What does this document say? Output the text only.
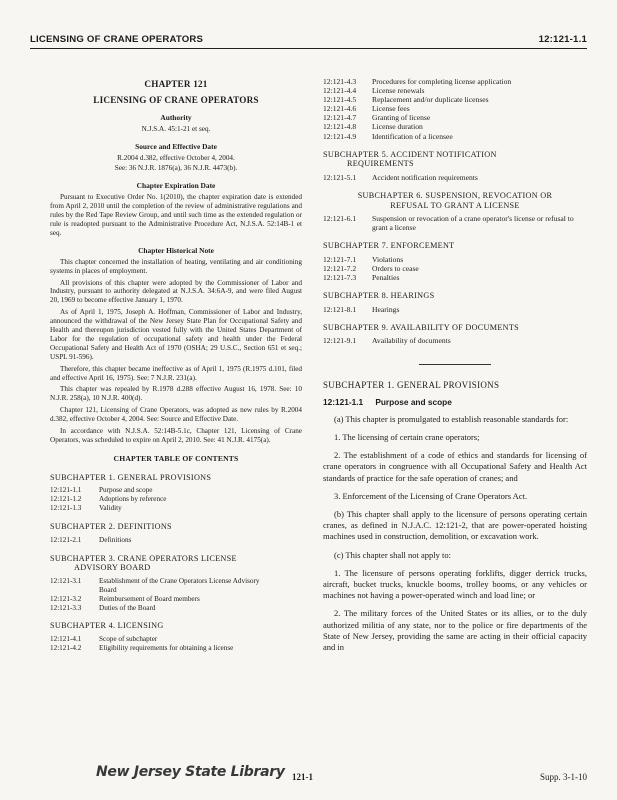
LICENSING OF CRANE OPERATORS	12:121-1.1
CHAPTER 121
LICENSING OF CRANE OPERATORS
Authority
N.J.S.A. 45:1-21 et seq.
Source and Effective Date
R.2004 d.382, effective October 4, 2004.
See: 36 N.J.R. 1876(a), 36 N.J.R. 4473(b).
Chapter Expiration Date

Pursuant to Executive Order No. 1(2010), the chapter expiration date is extended from April 2, 2010 until the completion of the review of administrative regulations and rules by the Red Tape Review Group, and until such time as the extended regulation or rule is readopted pursuant to the Administrative Procedure Act, N.J.S.A. 52:14B-1 et seq.

Chapter Historical Note

This chapter concerned the installation of heating, ventilating and air conditioning systems in places of employment.

All provisions of this chapter were adopted by the Commissioner of Labor and Industry, pursuant to authority delegated at N.J.S.A. 34:6A-9, and were filed August 20, 1969 to become effective January 1, 1970.

As of April 1, 1975, Joseph A. Hoffman, Commissioner of Labor and Industry, announced the withdrawal of the New Jersey State Plan for Occupational Safety and Health and thereupon jurisdiction vested fully with the United States Department of Labor for the regulation of occupational safety and health under the Federal Occupational Safety and Health Act of 1970 (OSHA; 29 U.S.C., Section 651 et seq.; USPL 91-596).

Therefore, this chapter became ineffective as of April 1, 1975 (R.1975 d.101, filed and effective April 16, 1975). See: 7 N.J.R. 231(a).

This chapter was repealed by R.1978 d.288 effective August 16, 1978. See: 10 N.J.R. 258(a), 10 N.J.R. 400(d).

Chapter 121, Licensing of Crane Operators, was adopted as new rules by R.2004 d.382, effective October 4, 2004. See: Source and Effective Date.

In accordance with N.J.S.A. 52:14B-5.1c, Chapter 121, Licensing of Crane Operators, was scheduled to expire on April 2, 2010. See: 41 N.J.R. 4175(a).

CHAPTER TABLE OF CONTENTS
SUBCHAPTER 1. GENERAL PROVISIONS
12:121-1.1	Purpose and scope
12:121-1.2	Adoptions by reference
12:121-1.3	Validity
SUBCHAPTER 2. DEFINITIONS
12:121-2.1	Definitions
SUBCHAPTER 3. CRANE OPERATORS LICENSE
ADVISORY BOARD
12:121-3.1	Establishment of the Crane Operators License Advisory Board
12:121-3.2	Reimbursement of Board members
12:121-3.3	Duties of the Board
SUBCHAPTER 4. LICENSING
12:121-4.1	Scope of subchapter
12:121-4.2	Eligibility requirements for obtaining a license
12:121-4.3	Procedures for completing license application
12:121-4.4	License renewals
12:121-4.5	Replacement and/or duplicate licenses
12:121-4.6	License fees
12:121-4.7	Granting of license
12:121-4.8	License duration
12:121-4.9	Identification of a licensee
SUBCHAPTER 5. ACCIDENT NOTIFICATION
REQUIREMENTS
12:121-5.1	Accident notification requirements
SUBCHAPTER 6. SUSPENSION, REVOCATION OR
REFUSAL TO GRANT A LICENSE
12:121-6.1	Suspension or revocation of a crane operator's license or refusal to grant a license
SUBCHAPTER 7. ENFORCEMENT
12:121-7.1	Violations
12:121-7.2	Orders to cease
12:121-7.3	Penalties
SUBCHAPTER 8. HEARINGS
12:121-8.1	Hearings
SUBCHAPTER 9. AVAILABILITY OF DOCUMENTS
12:121-9.1	Availability of documents
SUBCHAPTER 1. GENERAL PROVISIONS
12:121-1.1 Purpose and scope

(a) This chapter is promulgated to establish reasonable standards for:

1. The licensing of certain crane operators;

2. The establishment of a code of ethics and standards for licensing of crane operators in congruence with all Occupational Safety and Health Act standards of practice for the safe operation of cranes; and

3. Enforcement of the Licensing of Crane Operators Act.

(b) This chapter shall apply to the licensure of persons operating certain cranes, as defined in N.J.A.C. 12:121-2, that are power-operated hoisting machines used in construction, demolition, or excavation work.

(c) This chapter shall not apply to:

1. The licensure of persons operating forklifts, digger derrick trucks, aircraft, bucket trucks, knuckle booms, trolley booms, or any vehicles or machines not having a power-operated winch and load line; or

2. The military forces of the United States or its allies, or to the duly authorized militia of any state, nor to the police or fire departments of the State of New Jersey, providing the same are acting in their official capacity and in

New Jersey State Library 121-1	Supp. 3-1-10
